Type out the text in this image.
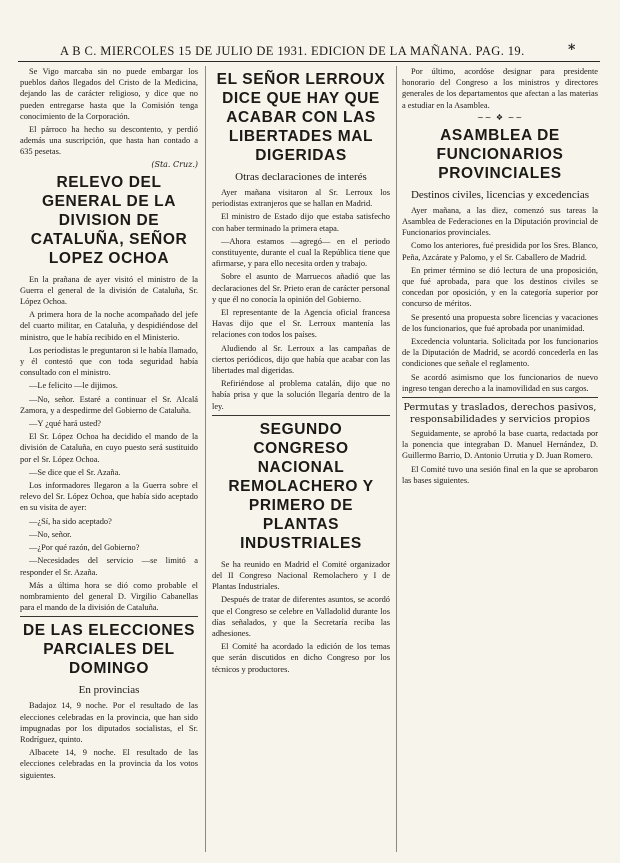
A B C. MIERCOLES 15 DE JULIO DE 1931. EDICION DE LA MAÑANA. PAG. 19.	*

Se Vigo marcaba sin no puede embargar los pueblos daños llegados del Cristo de la Medicina, dejando las de carácter religioso, y dice que no pueden entregarse hasta que la Comisión tenga conocimiento de la Corporación.

El párroco ha hecho su descontento, y perdió además una suscripción, que hasta han contado a 635 pesetas.

(Sta. Cruz.)
RELEVO DEL GENERAL DE LA DIVISION DE CATALUÑA, SEÑOR LOPEZ OCHOA

En la prañana de ayer visitó el ministro de la Guerra el general de la división de Cataluña, Sr. López Ochoa.

A primera hora de la noche acompañado del jefe del cuarto militar, en Cataluña, y despidiéndose del ministro, que le había recibido en el Ministerio.

Los periodistas le preguntaron si le había llamado, y él contestó que con toda seguridad había consultado con el ministro.

—Le felicito —le dijimos.

—No, señor. Estaré a continuar el Sr. Alcalá Zamora, y a despedirme del Gobierno de Cataluña.

—Y ¿qué hará usted?

El Sr. López Ochoa ha decidido el mando de la división de Cataluña, en cuyo puesto será sustituido por el Sr. López Ochoa.

—Se dice que el Sr. Azaña.

Los informadores llegaron a la Guerra sobre el relevo del Sr. López Ochoa, que había sido aceptado en su visita de ayer:

—¿Sí, ha sido aceptado?

—No, señor.

—¿Por qué razón, del Gobierno?

—Necesidades del servicio —se limitó a responder el Sr. Azaña.

Más a última hora se dió como probable el nombramiento del general D. Virgilio Cabanellas para el mando de la división de Cataluña.

DE LAS ELECCIONES PARCIALES DEL DOMINGO
En provincias

Badajoz 14, 9 noche. Por el resultado de las elecciones celebradas en la provincia, que han sido impugnadas por los diputados socialistas, el Sr. Rodríguez, quinto.

Albacete 14, 9 noche. El resultado de las elecciones celebradas en la provincia da los votos siguientes.

EL SEÑOR LERROUX DICE QUE HAY QUE ACABAR CON LAS LIBERTADES MAL DIGERIDAS
Otras declaraciones de interés

Ayer mañana visitaron al Sr. Lerroux los periodistas extranjeros que se hallan en Madrid.

El ministro de Estado dijo que estaba satisfecho con haber terminado la primera etapa.

—Ahora estamos —agregó— en el periodo constituyente, durante el cual la República tiene que afirmarse, y para ello necesita orden y trabajo.

Sobre el asunto de Marruecos añadió que las declaraciones del Sr. Prieto eran de carácter personal y que él no conocía la opinión del Gobierno.

El representante de la Agencia oficial francesa Havas dijo que el Sr. Lerroux mantenía las relaciones con todos los países.

Aludiendo al Sr. Lerroux a las campañas de ciertos periódicos, dijo que había que acabar con las libertades mal digeridas.

Refiriéndose al problema catalán, dijo que no había prisa y que la solución llegaría dentro de la ley.

SEGUNDO CONGRESO NACIONAL REMOLACHERO Y PRIMERO DE PLANTAS INDUSTRIALES

Se ha reunido en Madrid el Comité organizador del II Congreso Nacional Remolachero y I de Plantas Industriales.

Después de tratar de diferentes asuntos, se acordó que el Congreso se celebre en Valladolid durante los días señalados, y que la Secretaría reciba las adhesiones.

El Comité ha acordado la edición de los temas que serán discutidos en dicho Congreso por los técnicos y productores.

Por último, acordóse designar para presidente honorario del Congreso a los ministros y directores generales de los departamentos que afectan a las materias a estudiar en la Asamblea.

~~ ❖ ~~
ASAMBLEA DE FUNCIONARIOS PROVINCIALES
Destinos civiles, licencias y excedencias

Ayer mañana, a las diez, comenzó sus tareas la Asamblea de Federaciones en la Diputación provincial de Funcionarios provinciales.

Como los anteriores, fué presidida por los Sres. Blanco, Peña, Azcárate y Palomo, y el Sr. Caballero de Madrid.

En primer término se dió lectura de una proposición, que fué aprobada, para que los destinos civiles se concedan por oposición, y en la categoría superior por concurso de méritos.

Se presentó una propuesta sobre licencias y vacaciones de los funcionarios, que fué aprobada por unanimidad.

Excedencia voluntaria. Solicitada por los funcionarios de la Diputación de Madrid, se acordó concederla en las condiciones que señale el reglamento.

Se acordó asimismo que los funcionarios de nuevo ingreso tengan derecho a la inamovilidad en sus cargos.

Permutas y traslados, derechos pasivos, responsabilidades y servicios propios

Seguidamente, se aprobó la base cuarta, redactada por la ponencia que integraban D. Manuel Hernández, D. Guillermo Barrio, D. Antonio Urrutia y D. Juan Romero.

El Comité tuvo una sesión final en la que se aprobaron las bases siguientes.
